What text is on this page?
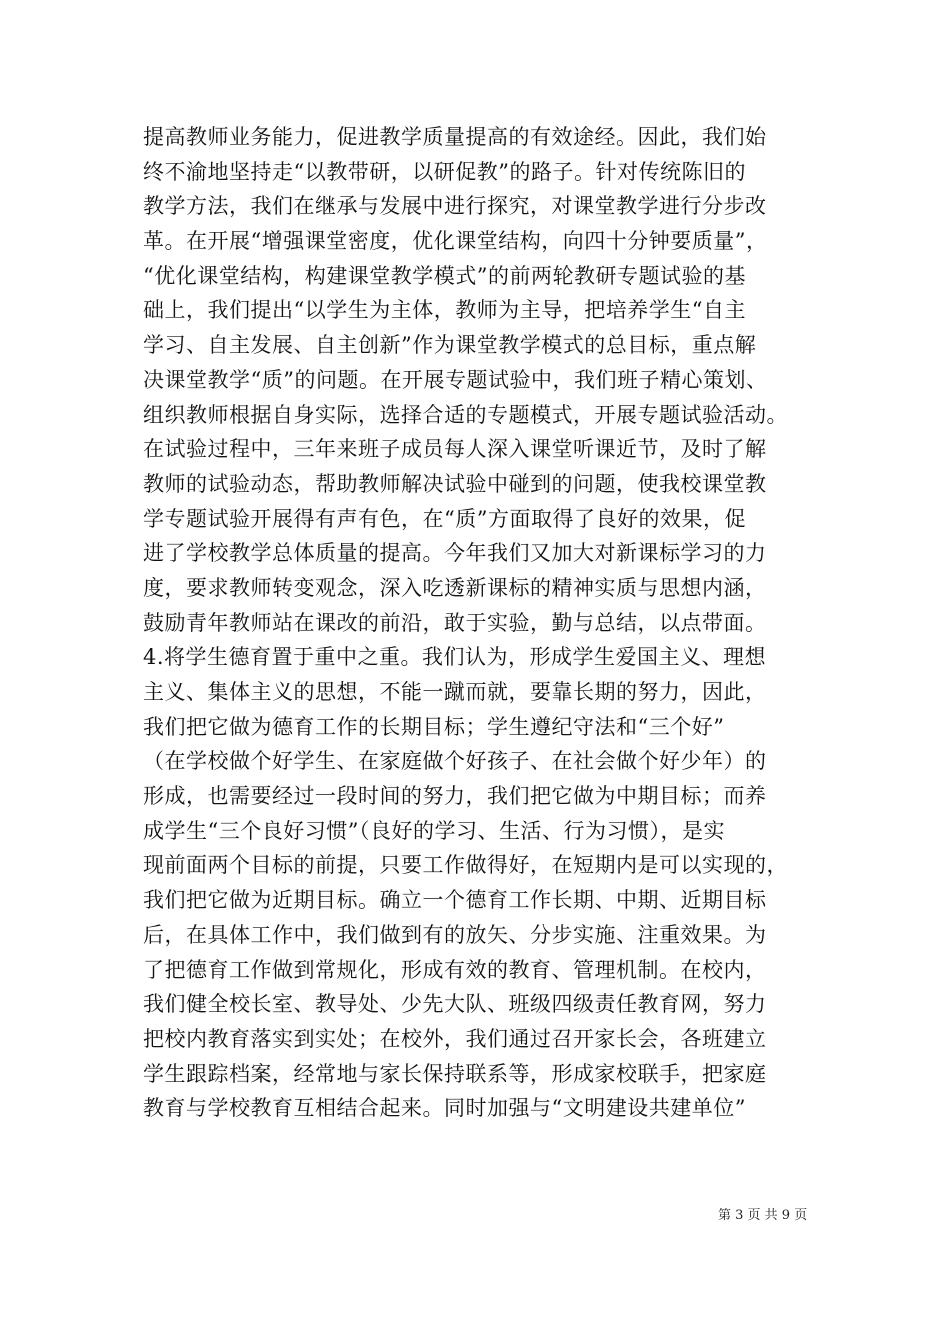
提高教师业务能力，促进教学质量提高的有效途经。因此，我们始
终不渝地坚持走“以教带研，以研促教”的路子。针对传统陈旧的
教学方法，我们在继承与发展中进行探究，对课堂教学进行分步改
革。在开展“增强课堂密度，优化课堂结构，向四十分钟要质量”，
“优化课堂结构，构建课堂教学模式”的前两轮教研专题试验的基
础上，我们提出“以学生为主体，教师为主导，把培养学生“自主
学习、自主发展、自主创新”作为课堂教学模式的总目标，重点解
决课堂教学“质”的问题。在开展专题试验中，我们班子精心策划、
组织教师根据自身实际，选择合适的专题模式，开展专题试验活动。
在试验过程中，三年来班子成员每人深入课堂听课近节，及时了解
教师的试验动态，帮助教师解决试验中碰到的问题，使我校课堂教
学专题试验开展得有声有色，在“质”方面取得了良好的效果，促
进了学校教学总体质量的提高。今年我们又加大对新课标学习的力
度，要求教师转变观念，深入吃透新课标的精神实质与思想内涵，
鼓励青年教师站在课改的前沿，敢于实验，勤与总结，以点带面。
4.将学生德育置于重中之重。我们认为，形成学生爱国主义、理想
主义、集体主义的思想，不能一蹴而就，要靠长期的努力，因此，
我们把它做为德育工作的长期目标；学生遵纪守法和“三个好”
（在学校做个好学生、在家庭做个好孩子、在社会做个好少年）的
形成，也需要经过一段时间的努力，我们把它做为中期目标；而养
成学生“三个良好习惯”（良好的学习、生活、行为习惯），是实
现前面两个目标的前提，只要工作做得好，在短期内是可以实现的，
我们把它做为近期目标。确立一个德育工作长期、中期、近期目标
后，在具体工作中，我们做到有的放矢、分步实施、注重效果。为
了把德育工作做到常规化，形成有效的教育、管理机制。在校内，
我们健全校长室、教导处、少先大队、班级四级责任教育网，努力
把校内教育落实到实处；在校外，我们通过召开家长会，各班建立
学生跟踪档案，经常地与家长保持联系等，形成家校联手，把家庭
教育与学校教育互相结合起来。同时加强与“文明建设共建单位”
第 3 页 共 9 页
